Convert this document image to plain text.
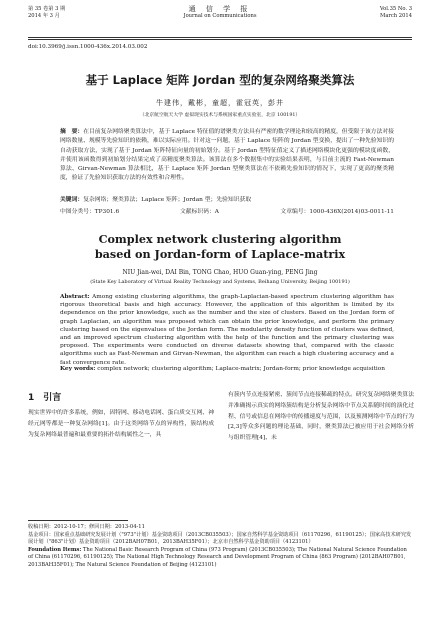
第 35 卷第 3 期
2014 年 3 月
通 信 学 报
Journal on Communications
Vol.35 No. 3
March 2014
doi:10.3969/j.issn.1000-436x.2014.03.002
基于 Laplace 矩阵 Jordan 型的复杂网络聚类算法
牛建伟，戴彬，童超，霍冠英，彭井
（北京航空航天大学 虚拟现实技术与系统国家重点实验室，北京 100191）
摘　要：在目前复杂网络聚类算法中，基于 Laplace 特征值的谱聚类方法具有严密的数学理论和较高的精度，但受限于该方法对接网络数量、规模等先验知识的依赖，难以实际应用。针对这一问题，基于 Laplace 矩阵的 Jordan 型变换，提出了一种先验知识的自动获取方法，实现了基于 Jordan 矩阵特征向量的初始划分。基于 Jordan 型特征值定义了描述网络模块化更强的模块度函数，并使用该函数得到初始划分结果完成了高精度聚类算法。该算法在多个数据集中的实验结果表明，与目前主流的 Fast-Newman 算法、Girvan-Newman 算法相比，基于 Laplace 矩阵 Jordan 型聚类算法在不依赖先验知识的情况下，实现了更高的聚类精度，验证了先验知识获取方法的有效性和合理性。
关键词：复杂网络；聚类算法；Laplace 矩阵；Jordan 型；先验知识获取
中图分类号：TP301.6	文献标识码：A	文章编号：1000-436X(2014)03-0011-11
Complex network clustering algorithm
based on Jordan-form of Laplace-matrix
NIU Jian-wei, DAI Bin, TONG Chao, HUO Guan-ying, PENG Jing
(State Key Laboratory of Virtual Reality Technology and Systems, Beihang University, Beijing 100191)
Abstract: Among existing clustering algorithms, the graph-Laplacian-based spectrum clustering algorithm has rigorous theoretical basis and high accuracy. However, the application of this algorithm is limited by its dependence on the prior knowledge, such as the number and the size of clusters. Based on the Jordan form of graph Laplacian, an algorithm was proposed which can obtain the prior knowledge, and perform the primary clustering based on the eigenvalues of the Jordan form. The modularity density function of clusters was defined, and an improved spectrum clustering algorithm with the help of the function and the primary clustering was proposed. The experiments were conducted on diverse datasets showing that, compared with the classic algorithms such as Fast-Newman and Girvan-Newman, the algorithm can reach a high clustering accuracy and a fast convergence rate.
Key words: complex network; clustering algorithm; Laplace-matrix; Jordan-form; prior knowledge acquisition
1　引言
现实世界中的许多系统，例如，因特网、移动电话网、蛋白质交互网、神经元网等都是一种复杂网络[1]。由于这类网络节点的异构性，簇结构成为复杂网络最普遍和最重要的拓扑结构属性之一，具
有簇内节点连接紧密、簇间节点连接稀疏的特点。研究复杂网络聚类算法并准确揭示真实的网络簇结构是分析复杂网络中节点关系随时间的演化过程、信号或信息在网络中的传播速度与范围，以及预测网络中节点的行为[2,3]等众多问题的理论基础，同时，聚类算法已被应用于社会网络分析与组织管理[4]、未
收稿日期：2012-10-17；修回日期：2013-04-11
基金项目：国家重点基础研究发展计划（"973"计划）基金资助项目（2013CB035503）；国家自然科学基金资助项目（61170296，61190125）；国家高技术研究发展计划（"863"计划）基金资助项目（2012BAH07B01，2013BAH35F01）；北京市自然科学基金资助项目（4123101）
Foundation Items: The National Basic Research Program of China (973 Program) (2013CB035503); The National Natural Science Foundation of China (61170296, 61190125); The National High Technology Research and Development Program of China (863 Program) (2012BAH07B01, 2013BAH35F01); The Natural Science Foundation of Beijing (4123101)
